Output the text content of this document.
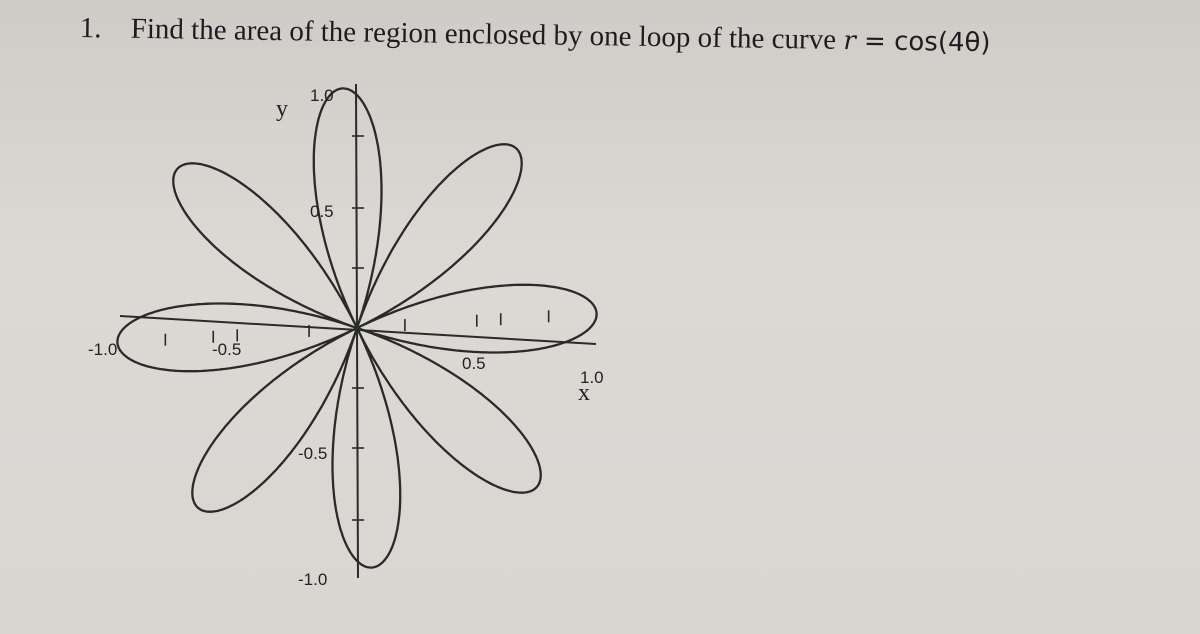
1. Find the area of the region enclosed by one loop of the curve r = cos(4θ)
1.0
0.5
-0.5
-1.0
-1.0	-0.5
0.5
1.0
y
x
